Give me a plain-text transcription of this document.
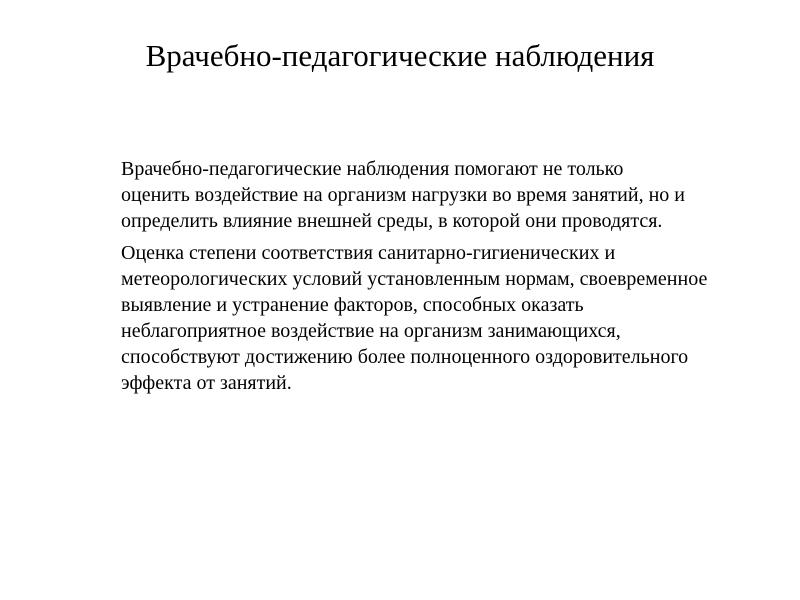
Врачебно-педагогические наблюдения

Врачебно-педагогические наблюдения помогают не только
оценить воздействие на организм нагрузки во время занятий, но и
определить влияние внешней среды, в которой они проводятся.

Оценка степени соответствия санитарно-гигиенических и
метеорологических условий установленным нормам, своевременное
выявление и устранение факторов, способных оказать
неблагоприятное воздействие на организм занимающихся,
способствуют достижению более полноценного оздоровительного
эффекта от занятий.
